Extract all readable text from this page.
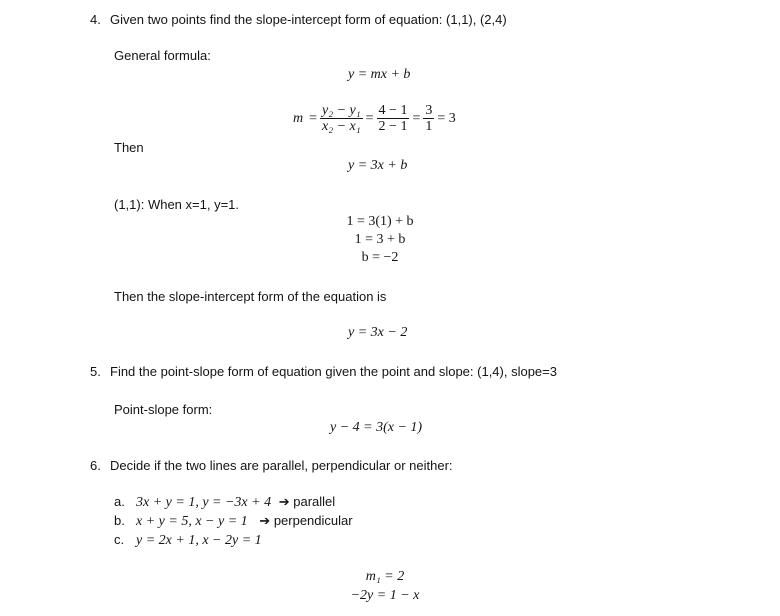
4. Given two points find the slope-intercept form of equation: (1,1), (2,4)
General formula:
y = mx + b
$m = \frac{\text{y₂ − y₁}}{\text{x₂ − x₁}} = \frac{4 - 1}{2 - 1} = \frac{3}{1} = 3$
Then
y = 3x + b
(1,1): When x=1, y=1.
1 = 3(1) + b
1 = 3 + b
b = −2
Then the slope-intercept form of the equation is
y = 3x − 2
5. Find the point-slope form of equation given the point and slope: (1,4), slope=3
Point-slope form:
y − 4 = 3(x − 1)
6. Decide if the two lines are parallel, perpendicular or neither:
a. 3x + y = 1, y = −3x + 4 ➔ parallel
b. x + y = 5, x − y = 1 ➔ perpendicular
c. y = 2x + 1, x − 2y = 1
m₁ = 2
−2y = 1 − x
